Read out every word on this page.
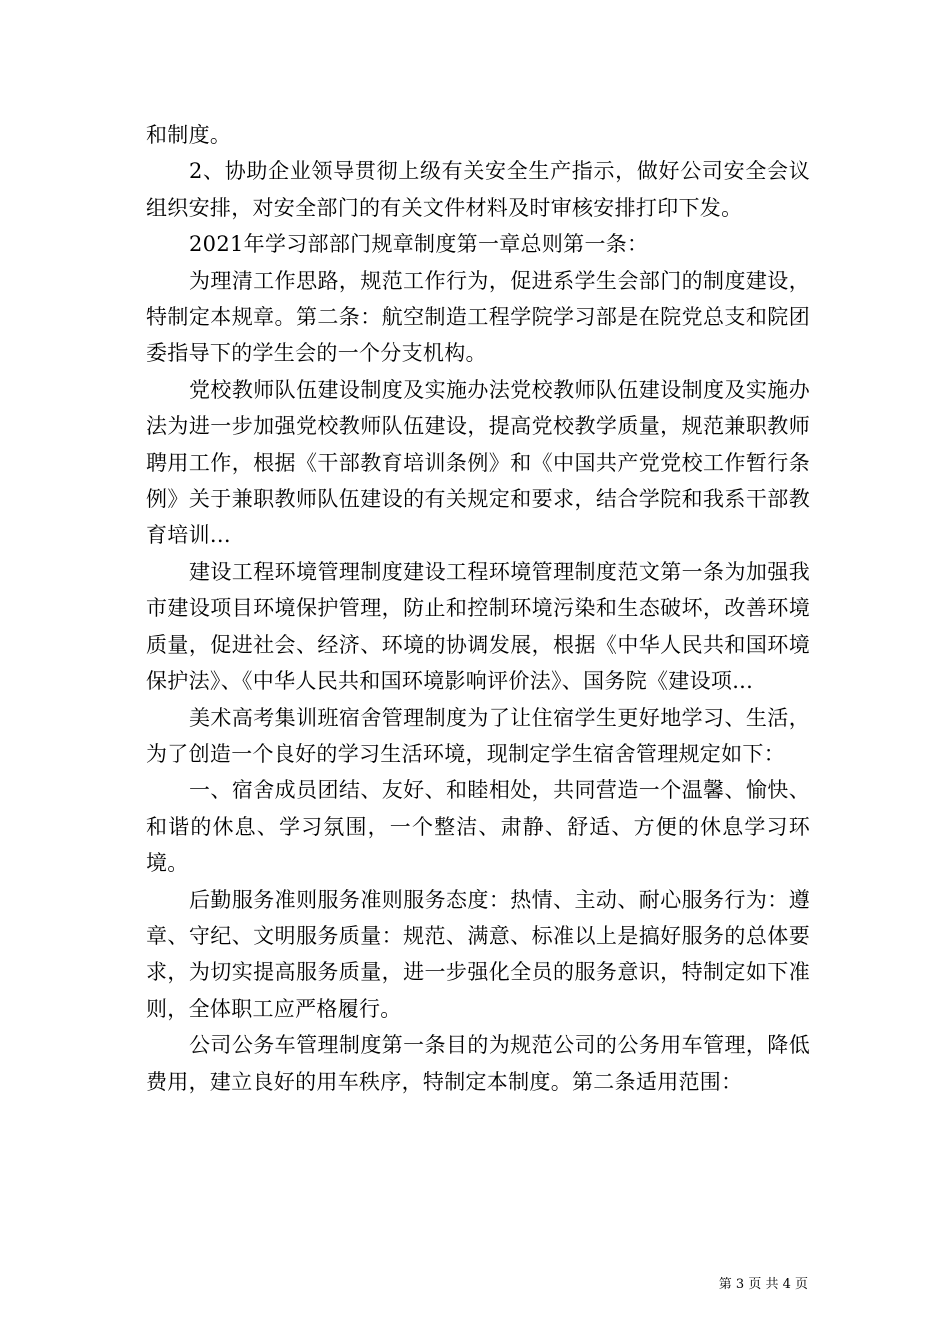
和制度。

2、协助企业领导贯彻上级有关安全生产指示，做好公司安全会议组织安排，对安全部门的有关文件材料及时审核安排打印下发。

2021年学习部部门规章制度第一章总则第一条：

为理清工作思路，规范工作行为，促进系学生会部门的制度建设，特制定本规章。第二条：航空制造工程学院学习部是在院党总支和院团委指导下的学生会的一个分支机构。

党校教师队伍建设制度及实施办法党校教师队伍建设制度及实施办法为进一步加强党校教师队伍建设，提高党校教学质量，规范兼职教师聘用工作，根据《干部教育培训条例》和《中国共产党党校工作暂行条例》关于兼职教师队伍建设的有关规定和要求，结合学院和我系干部教育培训...

建设工程环境管理制度建设工程环境管理制度范文第一条为加强我市建设项目环境保护管理，防止和控制环境污染和生态破坏，改善环境质量，促进社会、经济、环境的协调发展，根据《中华人民共和国环境保护法》、《中华人民共和国环境影响评价法》、国务院《建设项...

美术高考集训班宿舍管理制度为了让住宿学生更好地学习、生活，为了创造一个良好的学习生活环境，现制定学生宿舍管理规定如下：

一、宿舍成员团结、友好、和睦相处，共同营造一个温馨、愉快、和谐的休息、学习氛围，一个整洁、肃静、舒适、方便的休息学习环境。

后勤服务准则服务准则服务态度：热情、主动、耐心服务行为：遵章、守纪、文明服务质量：规范、满意、标准以上是搞好服务的总体要求，为切实提高服务质量，进一步强化全员的服务意识，特制定如下准则，全体职工应严格履行。

公司公务车管理制度第一条目的为规范公司的公务用车管理，降低费用，建立良好的用车秩序，特制定本制度。第二条适用范围：

第 3 页 共 4 页
